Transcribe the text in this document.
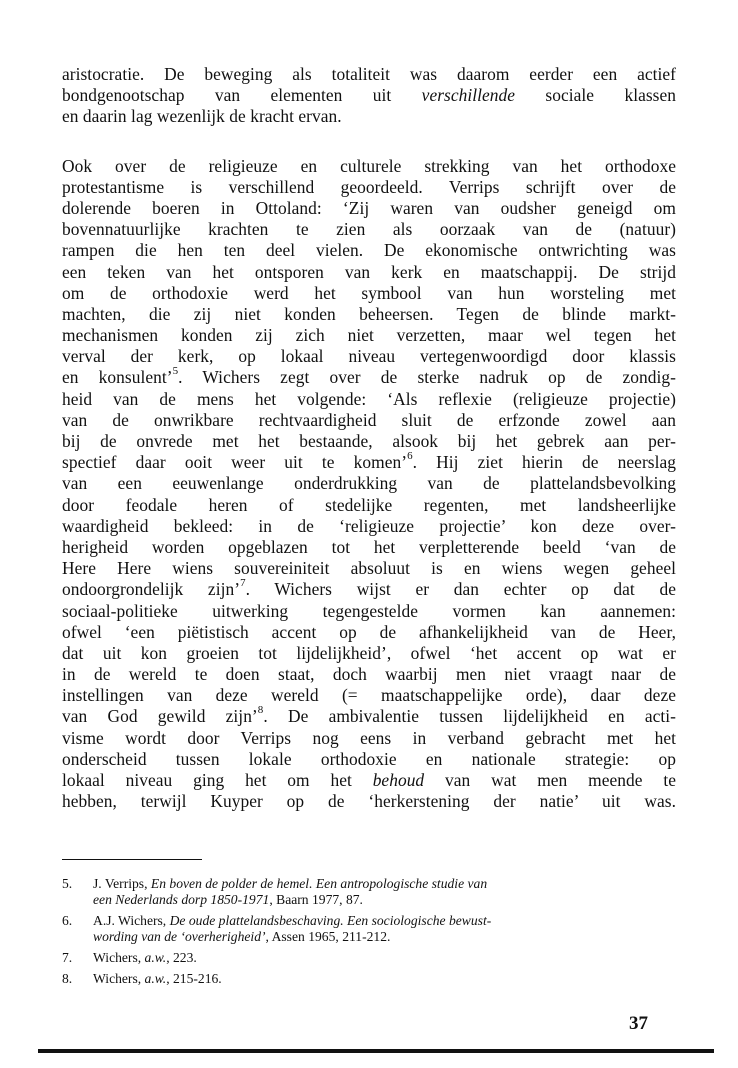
aristocratie. De beweging als totaliteit was daarom eerder een actief
bondgenootschap van elementen uit verschillende sociale klassen
en daarin lag wezenlijk de kracht ervan.
Ook over de religieuze en culturele strekking van het orthodoxe
protestantisme is verschillend geoordeeld. Verrips schrijft over de
dolerende boeren in Ottoland: ‘Zij waren van oudsher geneigd om
bovennatuurlijke krachten te zien als oorzaak van de (natuur)
rampen die hen ten deel vielen. De ekonomische ontwrichting was
een teken van het ontsporen van kerk en maatschappij. De strijd
om de orthodoxie werd het symbool van hun worsteling met
machten, die zij niet konden beheersen. Tegen de blinde markt-
mechanismen konden zij zich niet verzetten, maar wel tegen het
verval der kerk, op lokaal niveau vertegenwoordigd door klassis
en konsulent’$^5$. Wichers zegt over de sterke nadruk op de zondig-
heid van de mens het volgende: ‘Als reflexie (religieuze projectie)
van de onwrikbare rechtvaardigheid sluit de erfzonde zowel aan
bij de onvrede met het bestaande, alsook bij het gebrek aan per-
spectief daar ooit weer uit te komen’$^6$. Hij ziet hierin de neerslag
van een eeuwenlange onderdrukking van de plattelandsbevolking
door feodale heren of stedelijke regenten, met landsheerlijke
waardigheid bekleed: in de ‘religieuze projectie’ kon deze over-
herigheid worden opgeblazen tot het verpletterende beeld ‘van de
Here Here wiens souvereiniteit absoluut is en wiens wegen geheel
ondoorgrondelijk zijn’$^7$. Wichers wijst er dan echter op dat de
sociaal-politieke uitwerking tegengestelde vormen kan aannemen:
ofwel ‘een piëtistisch accent op de afhankelijkheid van de Heer,
dat uit kon groeien tot lijdelijkheid’, ofwel ‘het accent op wat er
in de wereld te doen staat, doch waarbij men niet vraagt naar de
instellingen van deze wereld (= maatschappelijke orde), daar deze
van God gewild zijn’$^8$. De ambivalentie tussen lijdelijkheid en acti-
visme wordt door Verrips nog eens in verband gebracht met het
onderscheid tussen lokale orthodoxie en nationale strategie: op
lokaal niveau ging het om het behoud van wat men meende te
hebben, terwijl Kuyper op de ‘herkerstening der natie’ uit was.
5. J. Verrips, En boven de polder de hemel. Een antropologische studie van
een Nederlands dorp 1850-1971, Baarn 1977, 87.
6. A.J. Wichers, De oude plattelandsbeschaving. Een sociologische bewust-
wording van de ‘overherigheid’, Assen 1965, 211-212.
7. Wichers, a.w., 223.
8. Wichers, a.w., 215-216.
37
